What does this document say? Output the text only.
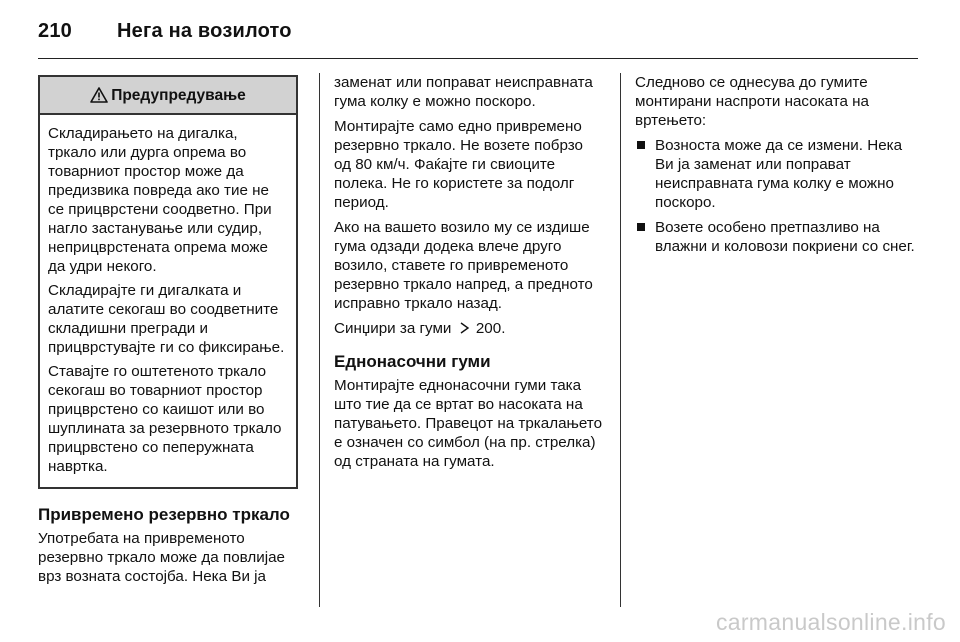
210 Нега на возилото
Предупредување

Складирањето на дигалка, тркало или дурга опрема во товарниот простор може да предизвика повреда ако тие не се прицврстени соодветно. При нагло застанување или судир, неприцврстената опрема може да удри некого.

Складирајте ги дигалката и алатите секогаш во соодветните складишни прегради и прицврстувајте ги со фиксирање.

Ставајте го оштетеното тркало секогаш во товарниот простор прицврстено со каишот или во шуплината за резервното тркало прицрвстено со пеперужната навртка.

Привремено резервно тркало

Употребата на привременото резервно тркало може да повлијае врз возната состојба. Нека Ви ја

заменат или поправат неисправната гума колку е можно поскоро.

Монтирајте само едно привремено резервно тркало. Не возете побрзо од 80 км/ч. Фаќајте ги свиоците полека. Не го користете за подолг период.

Ако на вашето возило му се издише гума одзади додека влече друго возило, ставете го привременото резервно тркало напред, а предното исправно тркало назад.

Синџири за гуми 200.

Еднонасочни гуми

Монтирајте еднонасочни гуми така што тие да се вртат во насоката на патувањето. Правецот на тркалањето е означен со симбол (на пр. стрелка) од страната на гумата.

Следново се однесува до гумите монтирани наспроти насоката на вртењето:

Возноста може да се измени. Нека Ви ја заменат или поправат неисправната гума колку е можно поскоро.
Возете особено претпазливо на влажни и коловози покриени со снег.
carmanualsonline.info
